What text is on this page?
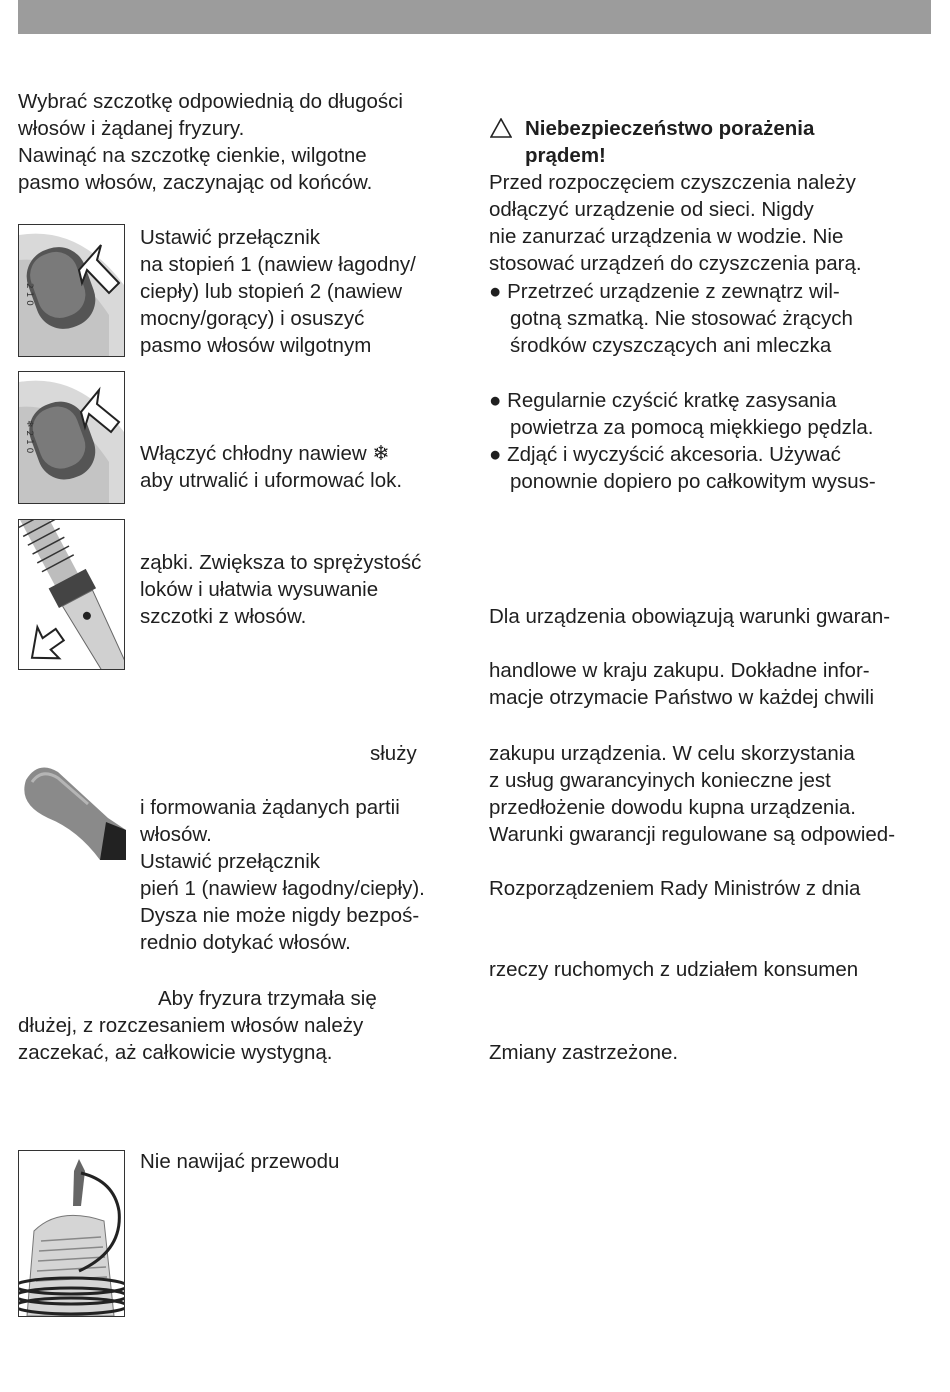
Wybrać szczotkę odpowiednią do długości
włosów i żądanej fryzury.
Nawinąć na szczotkę cienkie, wilgotne
pasmo włosów, zaczynając od końców.
2 1 0
Ustawić przełącznik
na stopień 1 (nawiew łagodny/
ciepły) lub stopień 2 (nawiew
mocny/gorący) i osuszyć
pasmo włosów wilgotnym
❄ 2 1 0
Włączyć chłodny nawiew ❄
aby utrwalić i uformować lok.
ząbki. Zwiększa to sprężystość
loków i ułatwia wysuwanie
szczotki z włosów.
służy
i formowania żądanych partii
włosów.
Ustawić przełącznik
pień 1 (nawiew łagodny/ciepły).
Dysza nie może nigdy bezpoś-
rednio dotykać włosów.
Aby fryzura trzymała się
dłużej, z rozczesaniem włosów należy
zaczekać, aż całkowicie wystygną.
Nie nawijać przewodu
Niebezpieczeństwo porażenia
prądem!
Przed rozpoczęciem czyszczenia należy
odłączyć urządzenie od sieci. Nigdy
nie zanurzać urządzenia w wodzie. Nie
stosować urządzeń do czyszczenia parą.
● Przetrzeć urządzenie z zewnątrz wil-
gotną szmatką. Nie stosować żrących
środków czyszczących ani mleczka
● Regularnie czyścić kratkę zasysania
powietrza za pomocą miękkiego pędzla.
● Zdjąć i wyczyścić akcesoria. Używać
ponownie dopiero po całkowitym wysus-
Dla urządzenia obowiązują warunki gwaran-
handlowe w kraju zakupu. Dokładne infor-
macje otrzymacie Państwo w każdej chwili
zakupu urządzenia. W celu skorzystania
z usług gwarancyinych konieczne jest
przedłożenie dowodu kupna urządzenia.
Warunki gwarancji regulowane są odpowied-
Rozporządzeniem Rady Ministrów z dnia
rzeczy ruchomych z udziałem konsumen
Zmiany zastrzeżone.
